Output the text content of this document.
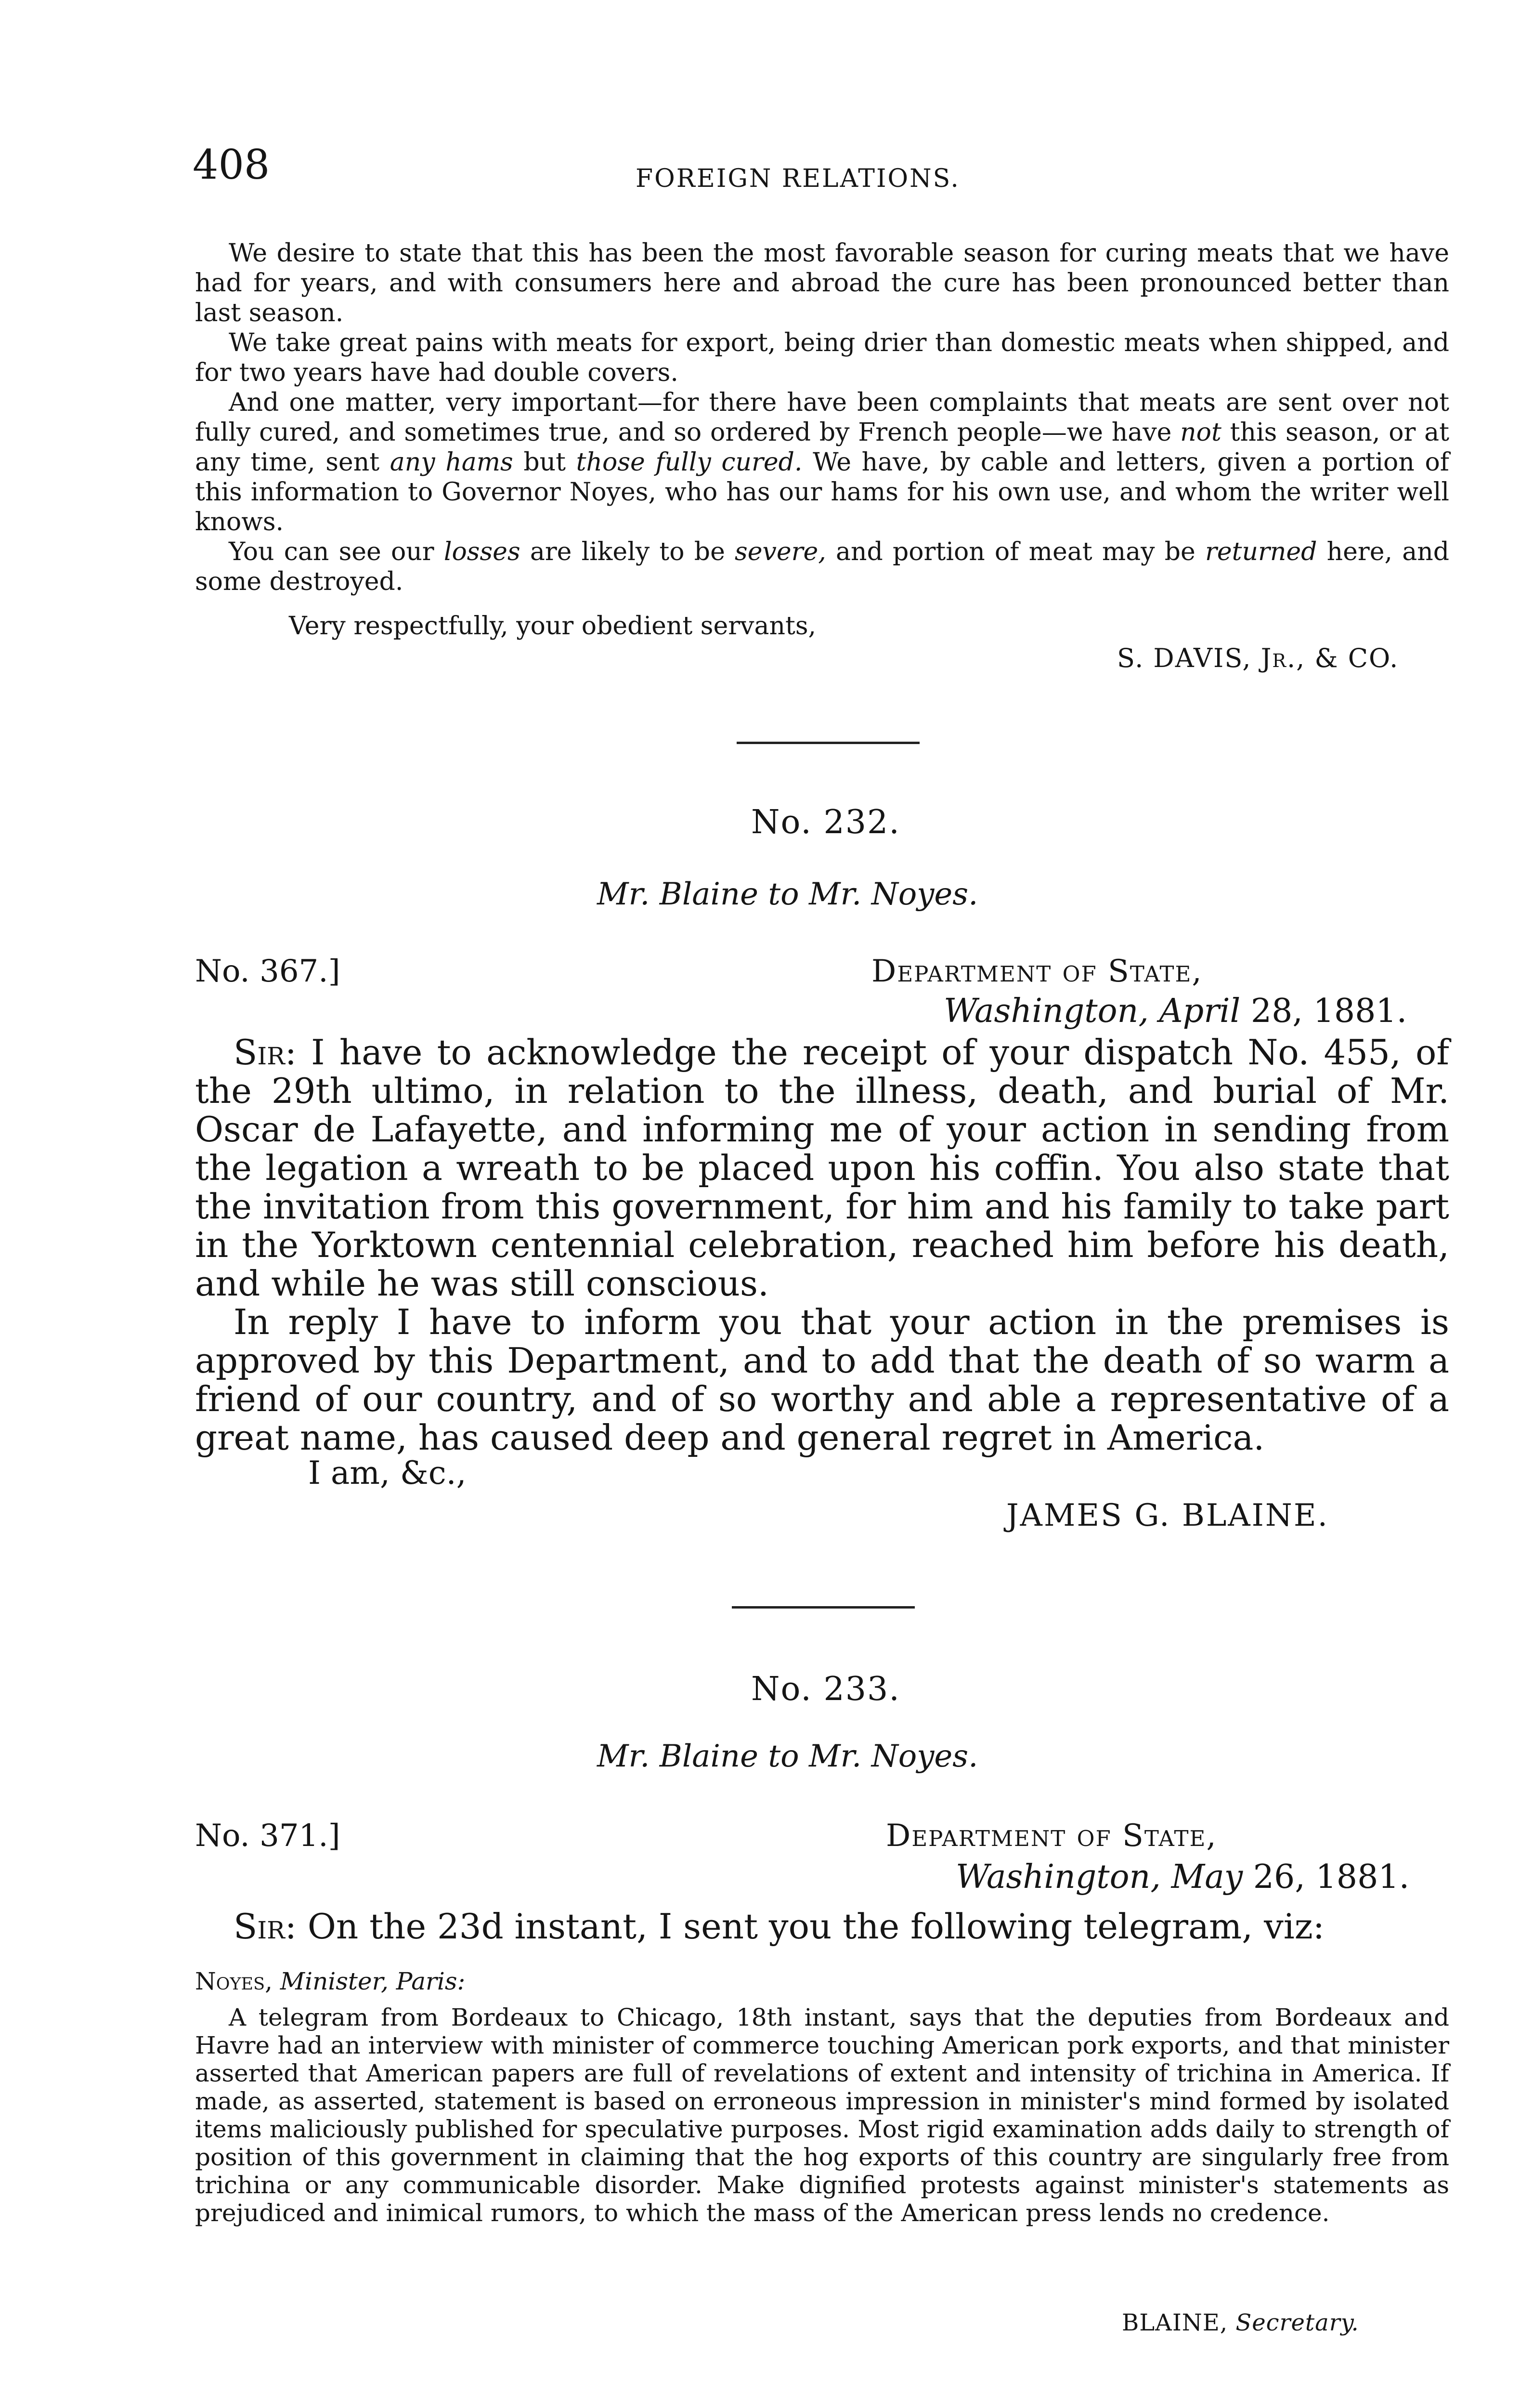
408	FOREIGN RELATIONS.

We desire to state that this has been the most favorable season for curing meats that we have had for years, and with consumers here and abroad the cure has been pronounced better than last season.

We take great pains with meats for export, being drier than domestic meats when shipped, and for two years have had double covers.

And one matter, very important—for there have been complaints that meats are sent over not fully cured, and sometimes true, and so ordered by French people—we have not this season, or at any time, sent any hams but those fully cured. We have, by cable and letters, given a portion of this information to Governor Noyes, who has our hams for his own use, and whom the writer well knows.

You can see our losses are likely to be severe, and portion of meat may be returned here, and some destroyed.

Very respectfully, your obedient servants,
S. DAVIS, Jr., & CO.
No. 232.
Mr. Blaine to Mr. Noyes.
No. 367.]	Department of State,
Washington, April 28, 1881.

Sir: I have to acknowledge the receipt of your dispatch No. 455, of the 29th ultimo, in relation to the illness, death, and burial of Mr. Oscar de Lafayette, and informing me of your action in sending from the legation a wreath to be placed upon his coffin. You also state that the invitation from this government, for him and his family to take part in the Yorktown centennial celebration, reached him before his death, and while he was still conscious.

In reply I have to inform you that your action in the premises is approved by this Department, and to add that the death of so warm a friend of our country, and of so worthy and able a representative of a great name, has caused deep and general regret in America.

I am, &c.,
JAMES G. BLAINE.
No. 233.
Mr. Blaine to Mr. Noyes.
No. 371.]	Department of State,
Washington, May 26, 1881.

Sir: On the 23d instant, I sent you the following telegram, viz:

Noyes, Minister, Paris:

A telegram from Bordeaux to Chicago, 18th instant, says that the deputies from Bordeaux and Havre had an interview with minister of commerce touching American pork exports, and that minister asserted that American papers are full of revelations of extent and intensity of trichina in America. If made, as asserted, statement is based on erroneous impression in minister's mind formed by isolated items maliciously published for speculative purposes. Most rigid examination adds daily to strength of position of this government in claiming that the hog exports of this country are singularly free from trichina or any communicable disorder. Make dignified protests against minister's statements as prejudiced and inimical rumors, to which the mass of the American press lends no credence.

BLAINE, Secretary.
